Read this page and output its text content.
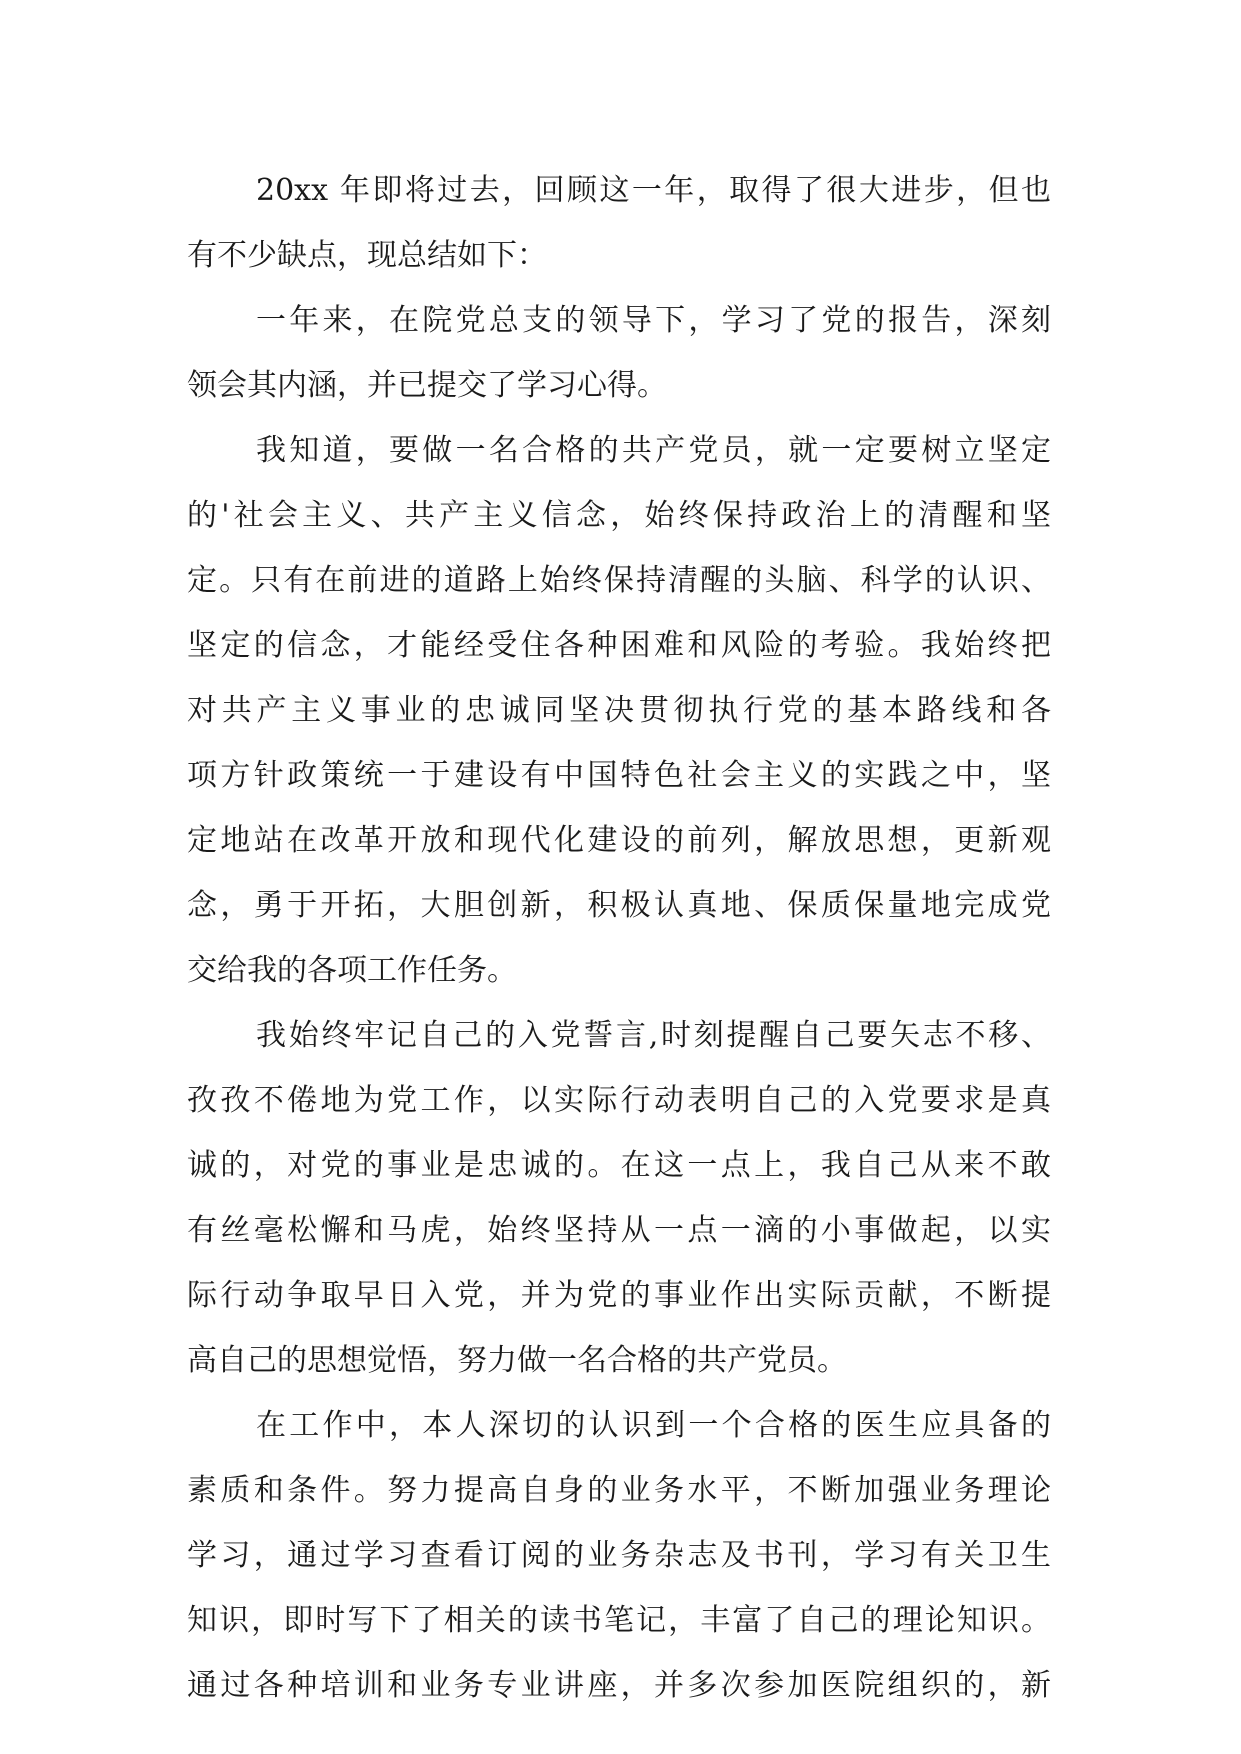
20xx 年即将过去，回顾这一年，取得了很大进步，但也
有不少缺点，现总结如下：
一年来，在院党总支的领导下，学习了党的报告，深刻
领会其内涵，并已提交了学习心得。
我知道，要做一名合格的共产党员，就一定要树立坚定
的'社会主义、共产主义信念，始终保持政治上的清醒和坚
定。只有在前进的道路上始终保持清醒的头脑、科学的认识、
坚定的信念，才能经受住各种困难和风险的考验。我始终把
对共产主义事业的忠诚同坚决贯彻执行党的基本路线和各
项方针政策统一于建设有中国特色社会主义的实践之中，坚
定地站在改革开放和现代化建设的前列，解放思想，更新观
念，勇于开拓，大胆创新，积极认真地、保质保量地完成党
交给我的各项工作任务。
我始终牢记自己的入党誓言,时刻提醒自己要矢志不移、
孜孜不倦地为党工作，以实际行动表明自己的入党要求是真
诚的，对党的事业是忠诚的。在这一点上，我自己从来不敢
有丝毫松懈和马虎，始终坚持从一点一滴的小事做起，以实
际行动争取早日入党，并为党的事业作出实际贡献，不断提
高自己的思想觉悟，努力做一名合格的共产党员。
在工作中，本人深切的认识到一个合格的医生应具备的
素质和条件。努力提高自身的业务水平，不断加强业务理论
学习，通过学习查看订阅的业务杂志及书刊，学习有关卫生
知识，即时写下了相关的读书笔记，丰富了自己的理论知识。
通过各种培训和业务专业讲座，并多次参加医院组织的，新
